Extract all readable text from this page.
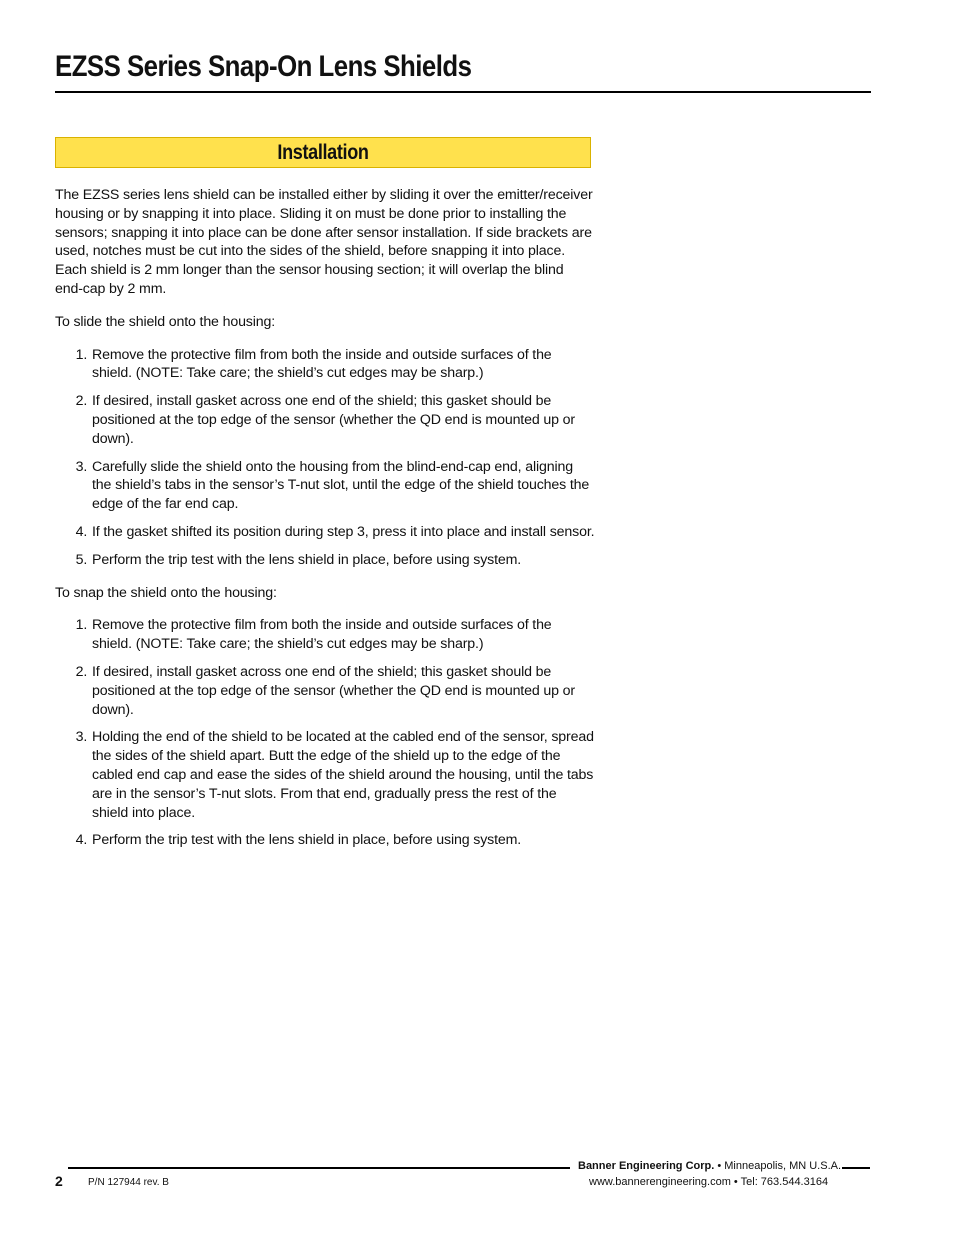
EZSS Series Snap-On Lens Shields
Installation

The EZSS series lens shield can be installed either by sliding it over the emitter/receiver housing or by snapping it into place. Sliding it on must be done prior to installing the sensors; snapping it into place can be done after sensor installation. If side brackets are used, notches must be cut into the sides of the shield, before snapping it into place. Each shield is 2 mm longer than the sensor housing section; it will overlap the blind end-cap by 2 mm.

To slide the shield onto the housing:

1. Remove the protective film from both the inside and outside surfaces of the shield. (NOTE: Take care; the shield’s cut edges may be sharp.)
2. If desired, install gasket across one end of the shield; this gasket should be positioned at the top edge of the sensor (whether the QD end is mounted up or down).
3. Carefully slide the shield onto the housing from the blind-end-cap end, aligning the shield’s tabs in the sensor’s T-nut slot, until the edge of the shield touches the edge of the far end cap.
4. If the gasket shifted its position during step 3, press it into place and install sensor.
5. Perform the trip test with the lens shield in place, before using system.

To snap the shield onto the housing:

1. Remove the protective film from both the inside and outside surfaces of the shield. (NOTE: Take care; the shield’s cut edges may be sharp.)
2. If desired, install gasket across one end of the shield; this gasket should be positioned at the top edge of the sensor (whether the QD end is mounted up or down).
3. Holding the end of the shield to be located at the cabled end of the sensor, spread the sides of the shield apart. Butt the edge of the shield up to the edge of the cabled end cap and ease the sides of the shield around the housing, until the tabs are in the sensor’s T-nut slots. From that end, gradually press the rest of the shield into place.
4. Perform the trip test with the lens shield in place, before using system.
2	P/N 127944 rev. B
Banner Engineering Corp. • Minneapolis, MN U.S.A.
www.bannerengineering.com • Tel: 763.544.3164
